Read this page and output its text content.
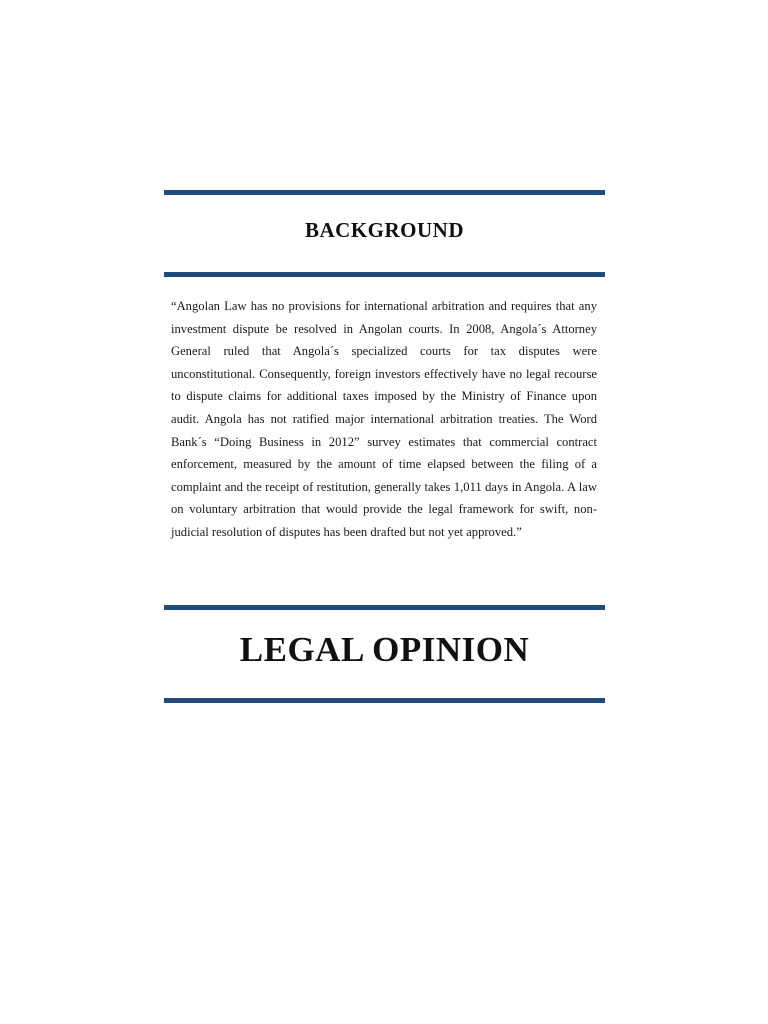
BACKGROUND
“Angolan Law has no provisions for international arbitration and requires that any investment dispute be resolved in Angolan courts. In 2008, Angola´s Attorney General ruled that Angola´s specialized courts for tax disputes were unconstitutional. Consequently, foreign investors effectively have no legal recourse to dispute claims for additional taxes imposed by the Ministry of Finance upon audit. Angola has not ratified major international arbitration treaties. The Word Bank´s “Doing Business in 2012” survey estimates that commercial contract enforcement, measured by the amount of time elapsed between the filing of a complaint and the receipt of restitution, generally takes 1,011 days in Angola. A law on voluntary arbitration that would provide the legal framework for swift, non-judicial resolution of disputes has been drafted but not yet approved.”
LEGAL OPINION
